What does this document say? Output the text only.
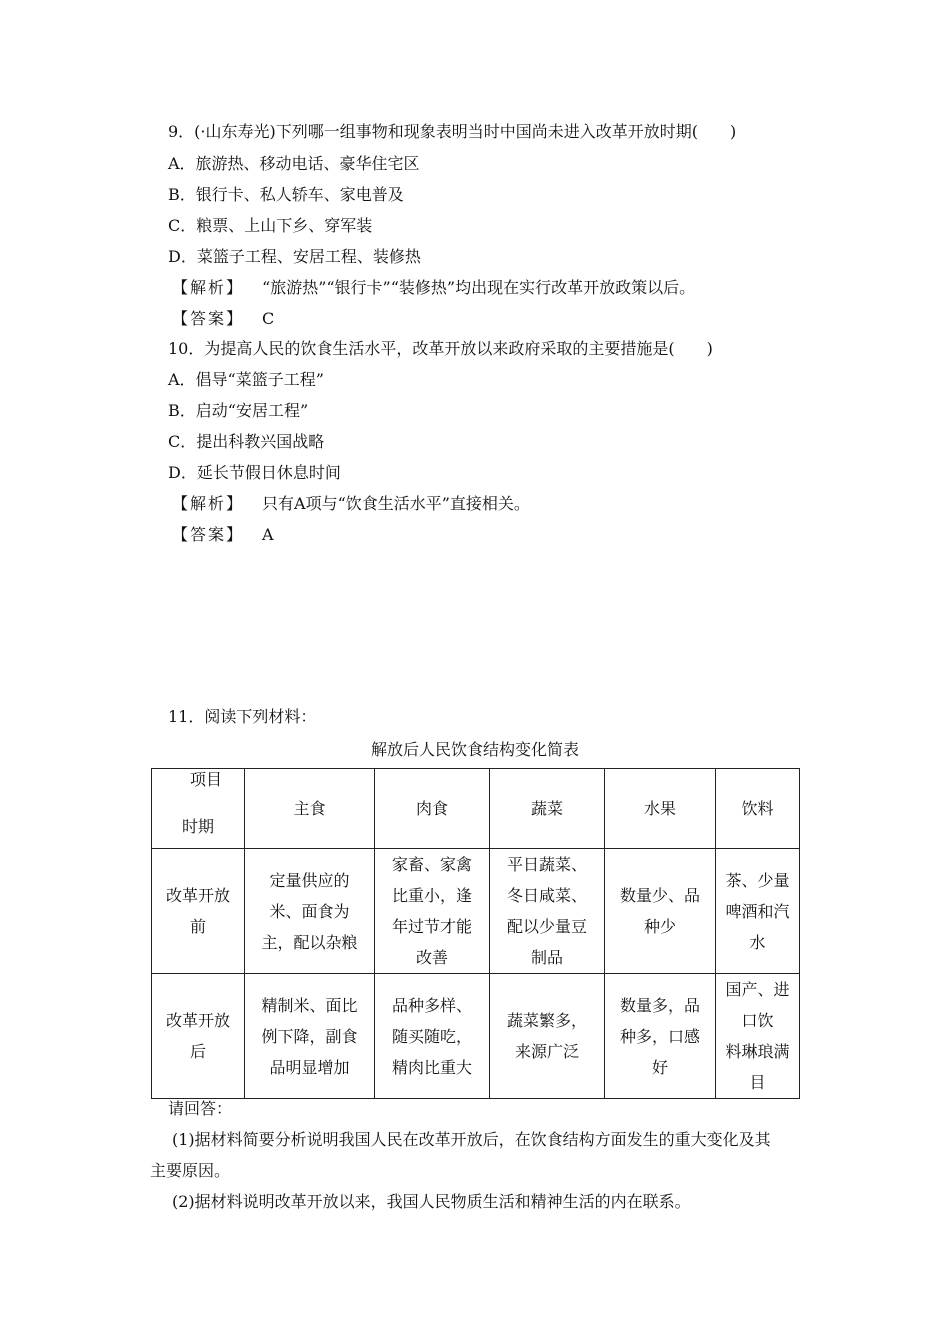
9．(·山东寿光)下列哪一组事物和现象表明当时中国尚未进入改革开放时期(　　)
A．旅游热、移动电话、豪华住宅区
B．银行卡、私人轿车、家电普及
C．粮票、上山下乡、穿军装
D．菜篮子工程、安居工程、装修热
【解析】 “旅游热”“银行卡”“装修热”均出现在实行改革开放政策以后。
【答案】 C
10．为提高人民的饮食生活水平，改革开放以来政府采取的主要措施是(　　)
A．倡导“菜篮子工程”
B．启动“安居工程”
C．提出科教兴国战略
D．延长节假日休息时间
【解析】 只有A项与“饮食生活水平”直接相关。
【答案】 A
11．阅读下列材料：
解放后人民饮食结构变化简表
项目
时期	主食	肉食	蔬菜	水果	饮料
改革开放
前	定量供应的
米、面食为
主，配以杂粮	家畜、家禽
比重小，逢
年过节才能
改善	平日蔬菜、
冬日咸菜、
配以少量豆
制品	数量少、品
种少	茶、少量
啤酒和汽
水
改革开放
后	精制米、面比
例下降，副食
品明显增加	品种多样、
随买随吃，
精肉比重大	蔬菜繁多，
来源广泛	数量多，品
种多，口感
好	国产、进
口饮
料琳琅满
目
请回答：
(1)据材料简要分析说明我国人民在改革开放后，在饮食结构方面发生的重大变化及其
主要原因。
(2)据材料说明改革开放以来，我国人民物质生活和精神生活的内在联系。
